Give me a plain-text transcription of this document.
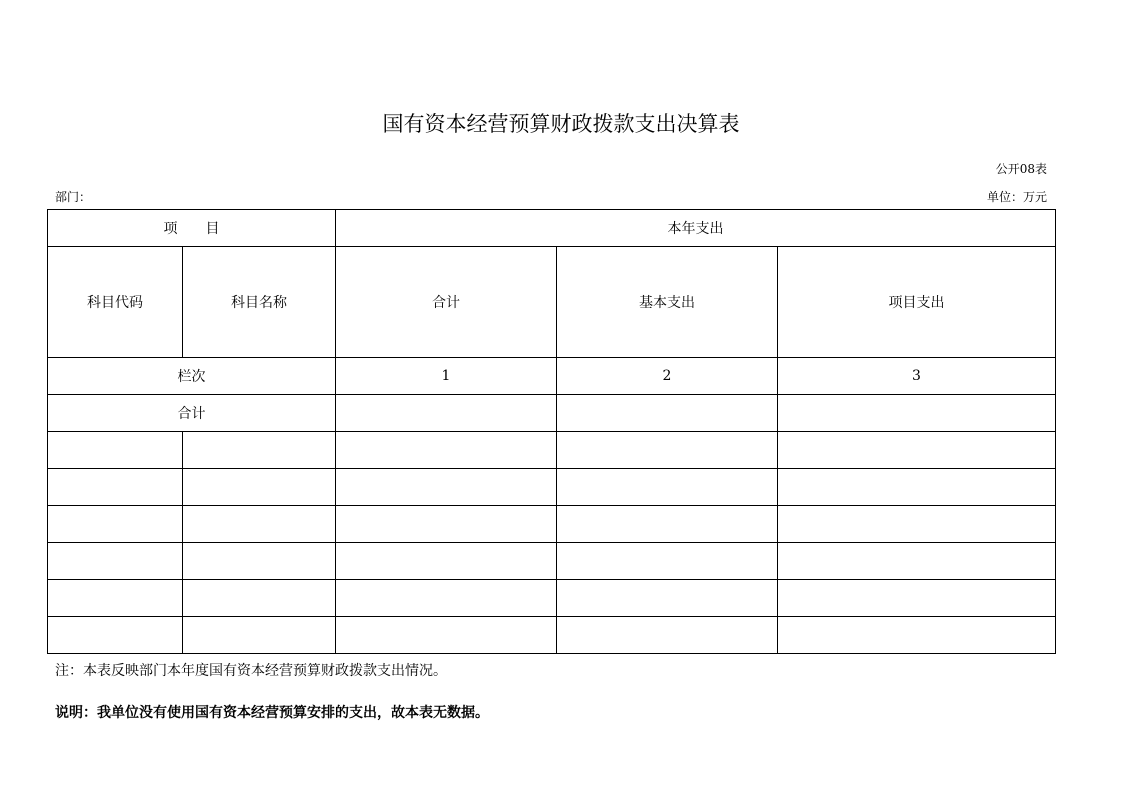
国有资本经营预算财政拨款支出决算表
公开08表
部门：	单位：万元
项　　目		本年支出		
科目代码	科目名称	合计	基本支出	项目支出
栏次		1	2	3
合计				

注：本表反映部门本年度国有资本经营预算财政拨款支出情况。
说明：我单位没有使用国有资本经营预算安排的支出，故本表无数据。
